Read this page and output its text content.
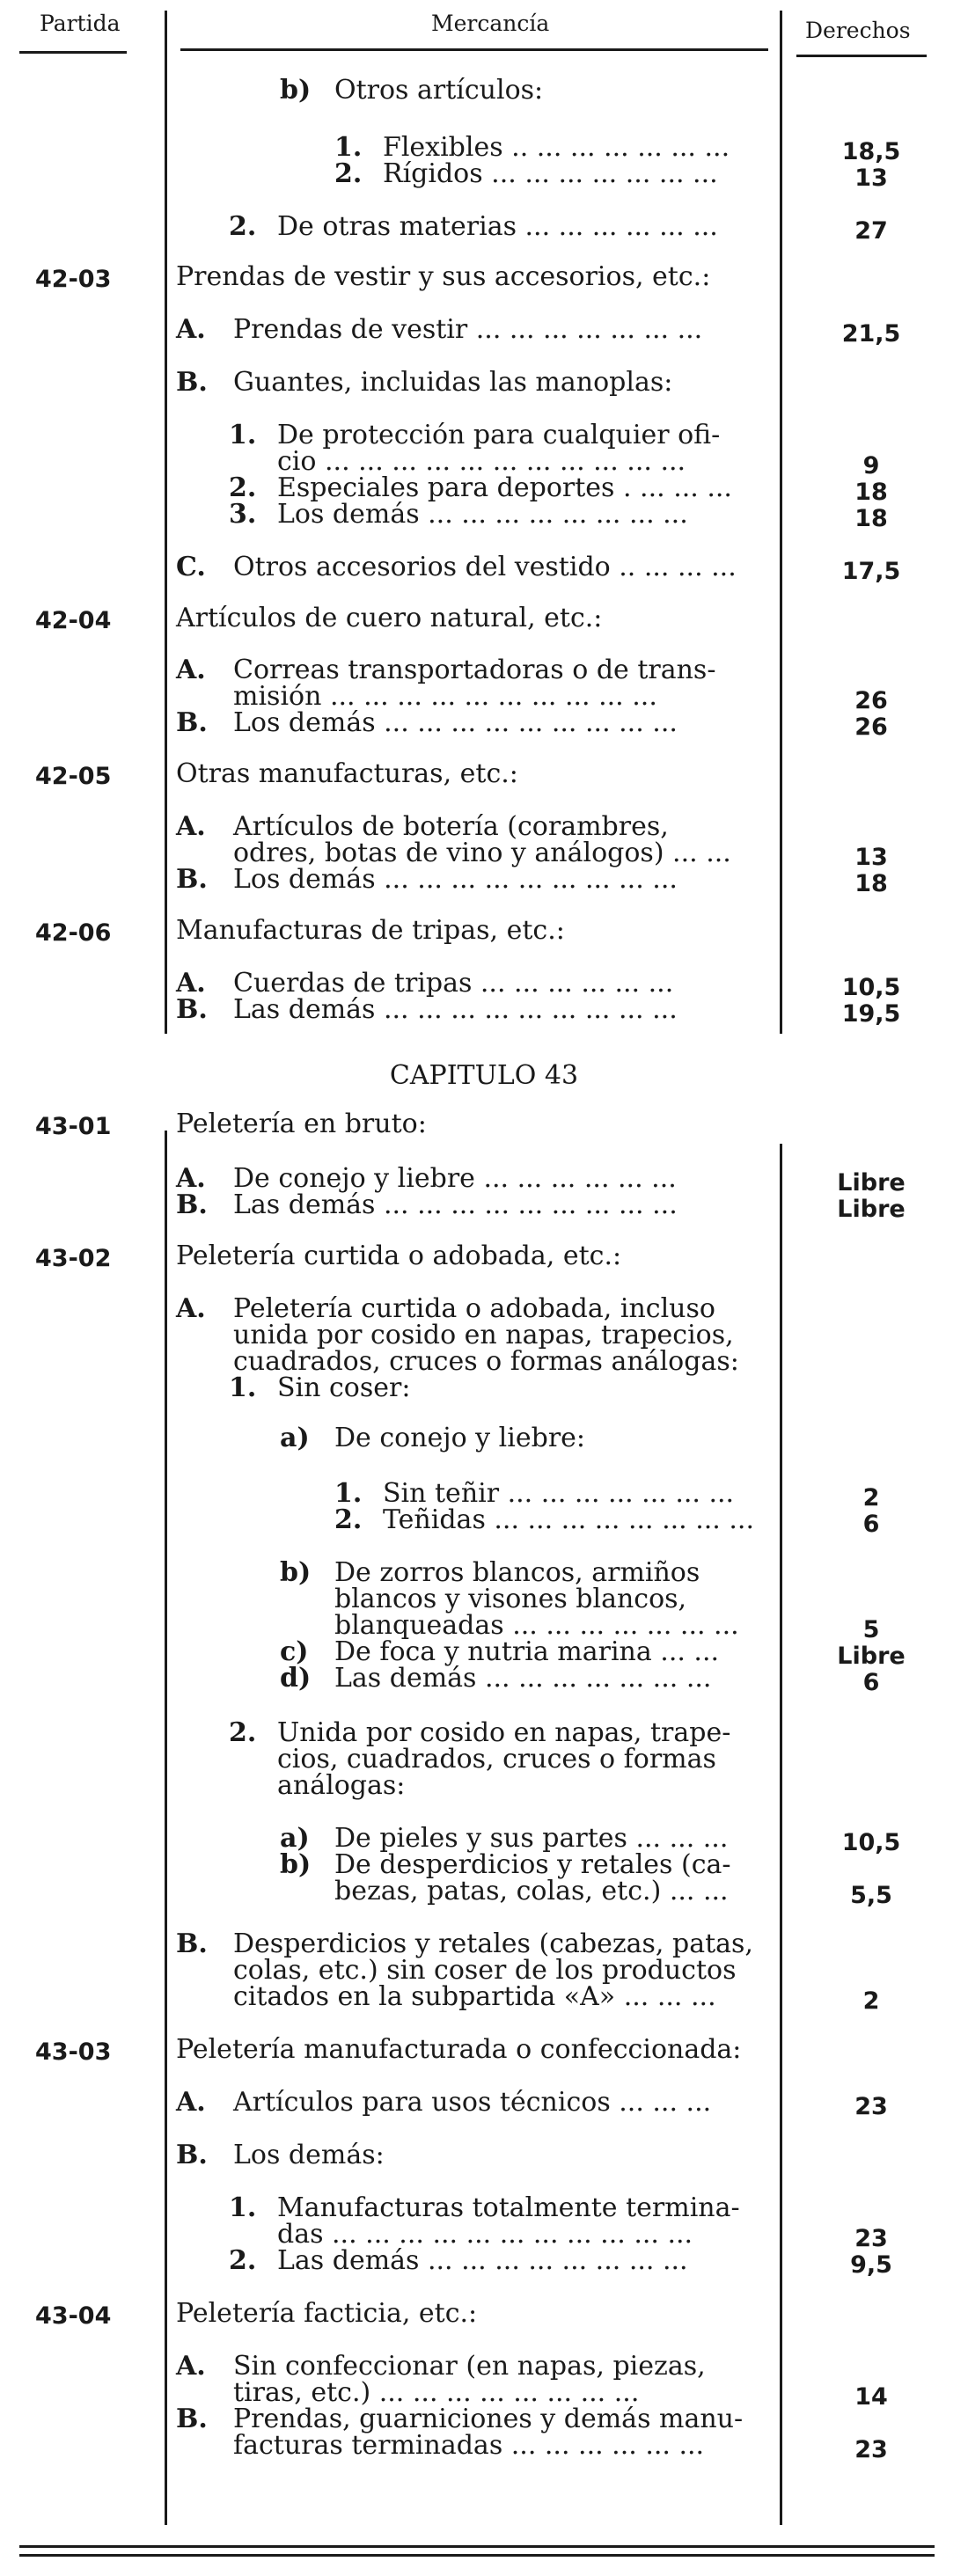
Partida	Mercancía	Derechos
b) Otros artículos:
1. Flexibles .. ... ... ... ... ... ...	18,5
2. Rígidos ... ... ... ... ... ... ...	13
2. De otras materias ... ... ... ... ... ...	27
42-03 Prendas de vestir y sus accesorios, etc.:
A. Prendas de vestir ... ... ... ... ... ... ...	21,5
B. Guantes, incluidas las manoplas:
1. De protección para cualquier ofi-
cio ... ... ... ... ... ... ... ... ... ... ...	9
2. Especiales para deportes . ... ... ...	18
3. Los demás ... ... ... ... ... ... ... ...	18
C. Otros accesorios del vestido .. ... ... ...	17,5
42-04 Artículos de cuero natural, etc.:
A. Correas transportadoras o de trans-
misión ... ... ... ... ... ... ... ... ... ...	26
B. Los demás ... ... ... ... ... ... ... ... ...	26
42-05 Otras manufacturas, etc.:
A. Artículos de botería (corambres,
odres, botas de vino y análogos) ... ...	13
B. Los demás ... ... ... ... ... ... ... ... ...	18
42-06 Manufacturas de tripas, etc.:
A. Cuerdas de tripas ... ... ... ... ... ...	10,5
B. Las demás ... ... ... ... ... ... ... ... ...	19,5
CAPITULO 43
43-01 Peletería en bruto:
A. De conejo y liebre ... ... ... ... ... ...	Libre
B. Las demás ... ... ... ... ... ... ... ... ...	Libre
43-02 Peletería curtida o adobada, etc.:
A. Peletería curtida o adobada, incluso
unida por cosido en napas, trapecios,
cuadrados, cruces o formas análogas:
1. Sin coser:
a) De conejo y liebre:
1. Sin teñir ... ... ... ... ... ... ...	2
2. Teñidas ... ... ... ... ... ... ... ...	6
b) De zorros blancos, armiños
blancos y visones blancos,
blanqueadas ... ... ... ... ... ... ...	5
c) De foca y nutria marina ... ...	Libre
d) Las demás ... ... ... ... ... ... ...	6
2. Unida por cosido en napas, trape-
cios, cuadrados, cruces o formas
análogas:
a) De pieles y sus partes ... ... ...	10,5
b) De desperdicios y retales (ca-
bezas, patas, colas, etc.) ... ...	5,5
B. Desperdicios y retales (cabezas, patas,
colas, etc.) sin coser de los productos
citados en la subpartida «A» ... ... ...	2
43-03 Peletería manufacturada o confeccionada:
A. Artículos para usos técnicos ... ... ...	23
B. Los demás:
1. Manufacturas totalmente termina-
das ... ... ... ... ... ... ... ... ... ... ...	23
2. Las demás ... ... ... ... ... ... ... ...	9,5
43-04 Peletería facticia, etc.:
A. Sin confeccionar (en napas, piezas,
tiras, etc.) ... ... ... ... ... ... ... ...	14
B. Prendas, guarniciones y demás manu-
facturas terminadas ... ... ... ... ... ...	23
